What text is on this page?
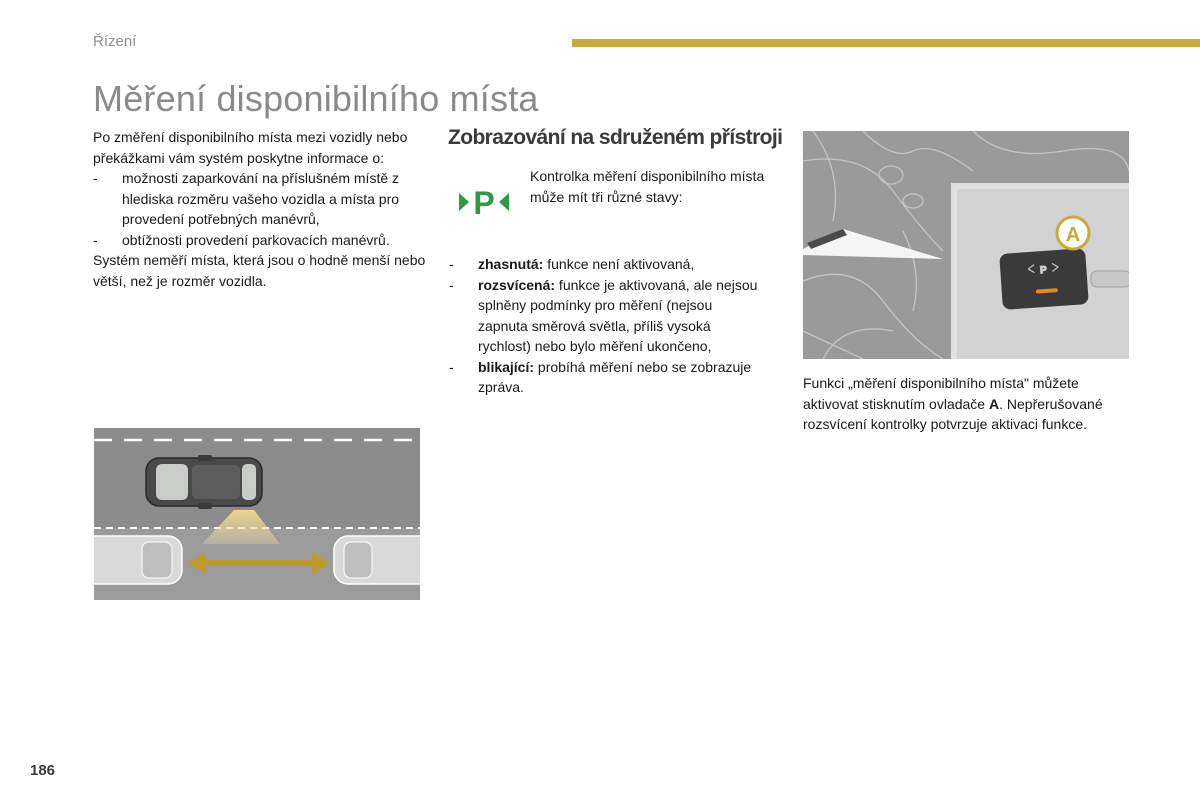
Řízení
Měření disponibilního místa

Po změření disponibilního místa mezi vozidly nebo překážkami vám systém poskytne informace o:

- možnosti zaparkování na příslušném místě z hlediska rozměru vašeho vozidla a místa pro provedení potřebných manévrů,
- obtížnosti provedení parkovacích manévrů.

Systém neměří místa, která jsou o hodně menší nebo větší, než je rozměr vozidla.

Zobrazování na sdruženém přístroji
P

Kontrolka měření disponibilního místa může mít tři různé stavy:

- zhasnutá: funkce není aktivovaná,
- rozsvícená: funkce je aktivovaná, ale nejsou splněny podmínky pro měření (nejsou zapnuta směrová světla, příliš vysoká rychlost) nebo bylo měření ukončeno,
- blikající: probíhá měření nebo se zobrazuje zpráva.
P
A

Funkci „měření disponibilního místa" můžete aktivovat stisknutím ovladače A. Nepřerušované rozsvícení kontrolky potvrzuje aktivaci funkce.

186
